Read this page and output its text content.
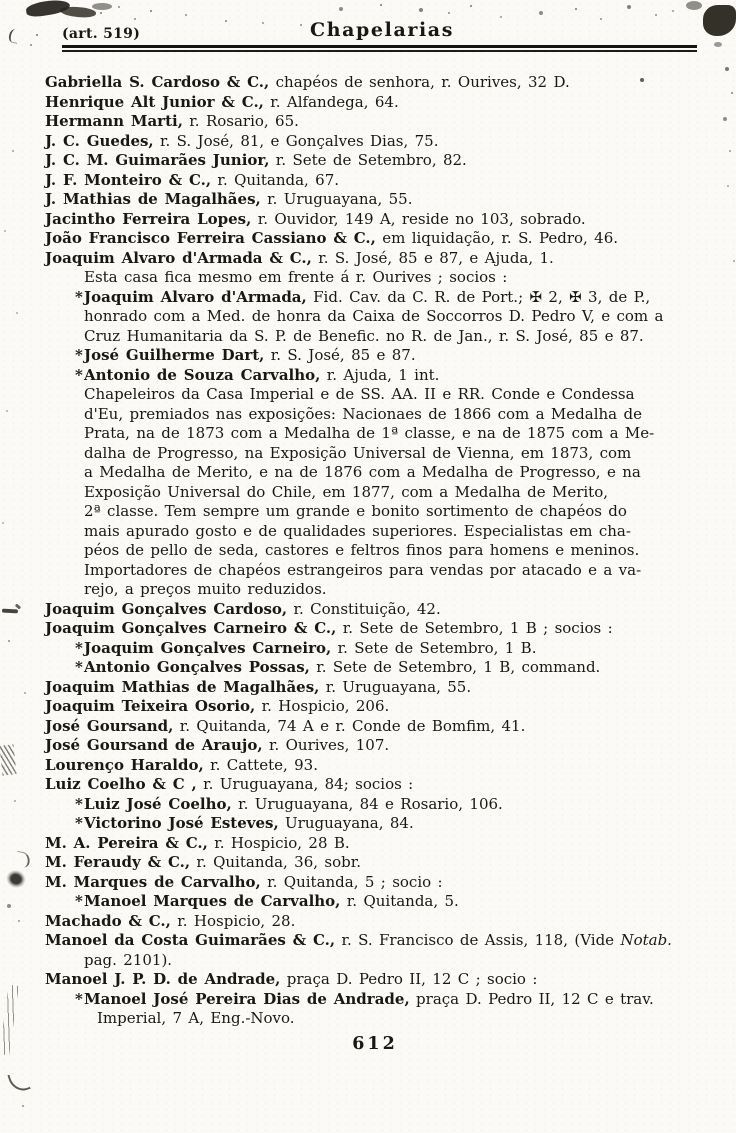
(art. 519)	Chapelarias
Gabriella S. Cardoso & C., chapéos de senhora, r. Ourives, 32 D.
Henrique Alt Junior & C., r. Alfandega, 64.
Hermann Marti, r. Rosario, 65.
J. C. Guedes, r. S. José, 81, e Gonçalves Dias, 75.
J. C. M. Guimarães Junior, r. Sete de Setembro, 82.
J. F. Monteiro & C., r. Quitanda, 67.
J. Mathias de Magalhães, r. Uruguayana, 55.
Jacintho Ferreira Lopes, r. Ouvidor, 149 A, reside no 103, sobrado.
João Francisco Ferreira Cassiano & C., em liquidação, r. S. Pedro, 46.
Joaquim Alvaro d'Armada & C., r. S. José, 85 e 87, e Ajuda, 1.
Esta casa fica mesmo em frente á r. Ourives ; socios :
*Joaquim Alvaro d'Armada, Fid. Cav. da C. R. de Port.; ✠ 2, ✠ 3, de P.,
honrado com a Med. de honra da Caixa de Soccorros D. Pedro V, e com a
Cruz Humanitaria da S. P. de Benefic. no R. de Jan., r. S. José, 85 e 87.
*José Guilherme Dart, r. S. José, 85 e 87.
*Antonio de Souza Carvalho, r. Ajuda, 1 int.
Chapeleiros da Casa Imperial e de SS. AA. II e RR. Conde e Condessa
d'Eu, premiados nas exposições: Nacionaes de 1866 com a Medalha de
Prata, na de 1873 com a Medalha de 1ª classe, e na de 1875 com a Me-
dalha de Progresso, na Exposição Universal de Vienna, em 1873, com
a Medalha de Merito, e na de 1876 com a Medalha de Progresso, e na
Exposição Universal do Chile, em 1877, com a Medalha de Merito,
2ª classe. Tem sempre um grande e bonito sortimento de chapéos do
mais apurado gosto e de qualidades superiores. Especialistas em cha-
péos de pello de seda, castores e feltros finos para homens e meninos.
Importadores de chapéos estrangeiros para vendas por atacado e a va-
rejo, a preços muito reduzidos.
Joaquim Gonçalves Cardoso, r. Constituição, 42.
Joaquim Gonçalves Carneiro & C., r. Sete de Setembro, 1 B ; socios :
*Joaquim Gonçalves Carneiro, r. Sete de Setembro, 1 B.
*Antonio Gonçalves Possas, r. Sete de Setembro, 1 B, command.
Joaquim Mathias de Magalhães, r. Uruguayana, 55.
Joaquim Teixeira Osorio, r. Hospicio, 206.
José Goursand, r. Quitanda, 74 A e r. Conde de Bomfim, 41.
José Goursand de Araujo, r. Ourives, 107.
Lourenço Haraldo, r. Cattete, 93.
Luiz Coelho & C , r. Uruguayana, 84; socios :
*Luiz José Coelho, r. Uruguayana, 84 e Rosario, 106.
*Victorino José Esteves, Uruguayana, 84.
M. A. Pereira & C., r. Hospicio, 28 B.
M. Feraudy & C., r. Quitanda, 36, sobr.
M. Marques de Carvalho, r. Quitanda, 5 ; socio :
*Manoel Marques de Carvalho, r. Quitanda, 5.
Machado & C., r. Hospicio, 28.
Manoel da Costa Guimarães & C., r. S. Francisco de Assis, 118, (Vide Notab.
pag. 2101).
Manoel J. P. D. de Andrade, praça D. Pedro II, 12 C ; socio :
*Manoel José Pereira Dias de Andrade, praça D. Pedro II, 12 C e trav.
Imperial, 7 A, Eng.-Novo.
612
